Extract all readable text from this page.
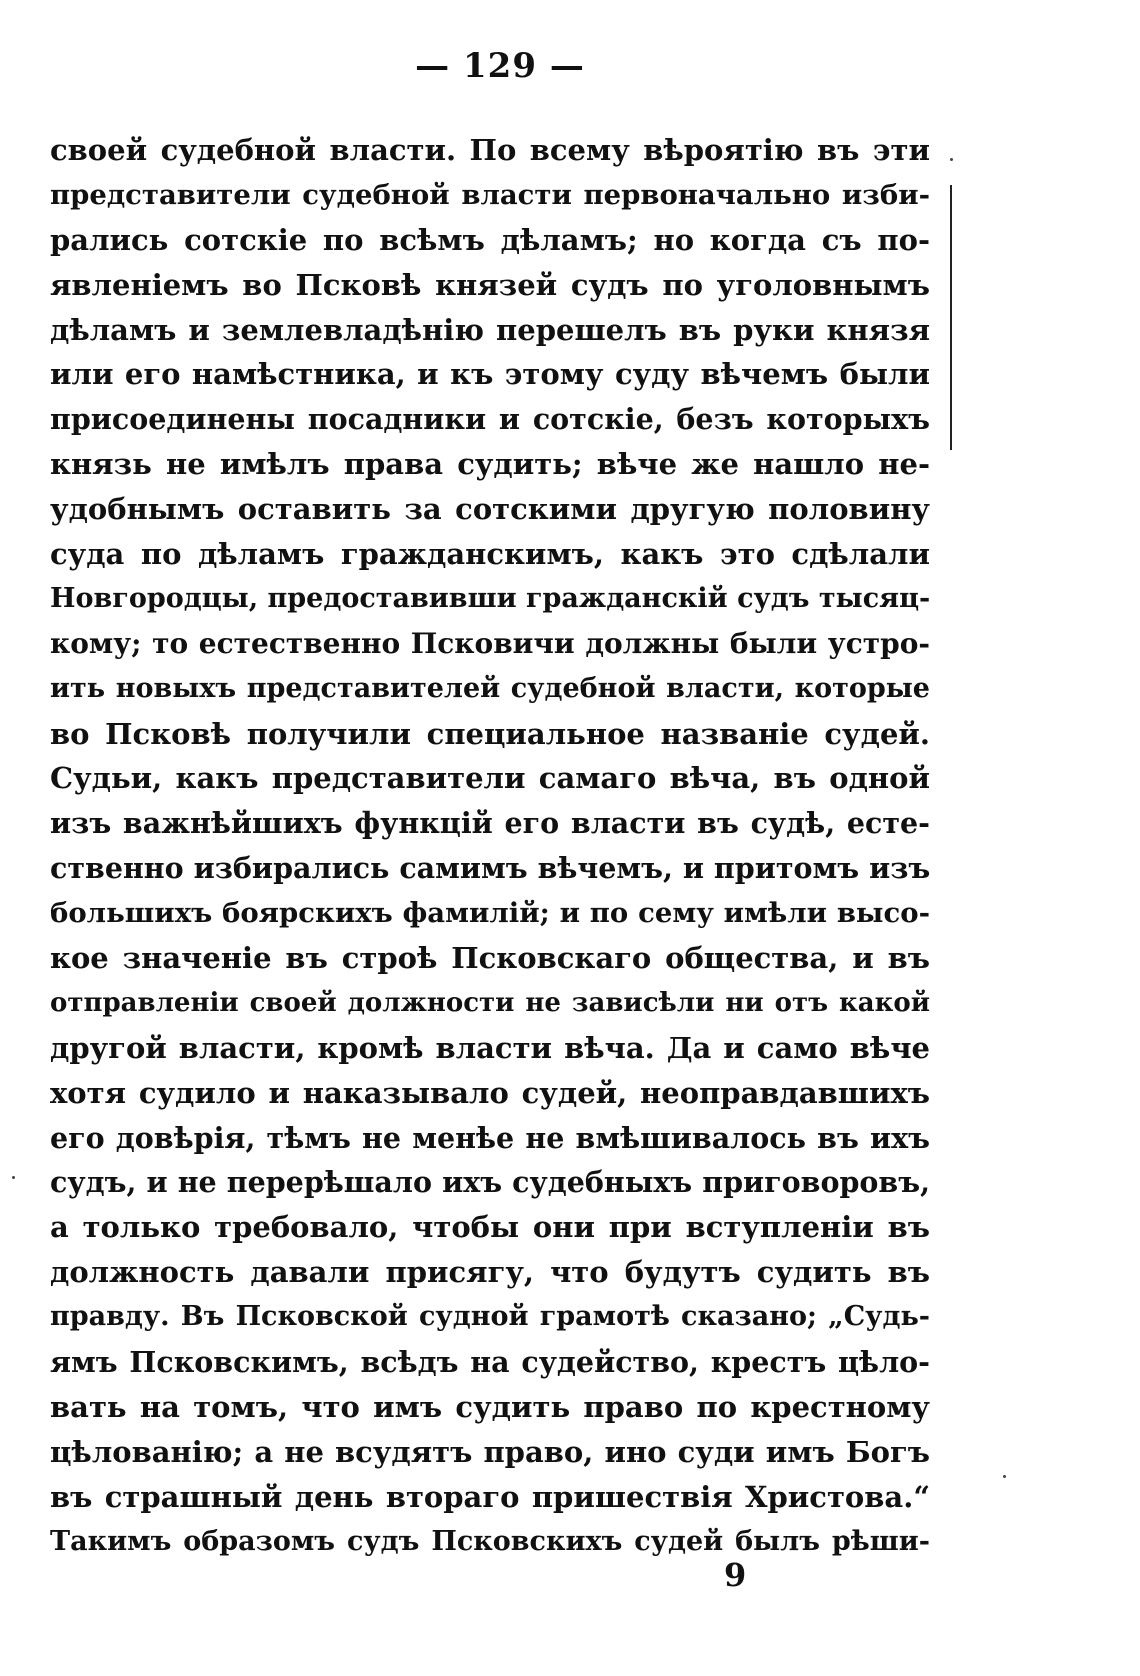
— 129 —
своей судебной власти. По всему вѣроятію въ эти
представители судебной власти первоначально изби-
рались сотскіе по всѣмъ дѣламъ; но когда съ по-
явленіемъ во Псковѣ князей судъ по уголовнымъ
дѣламъ и землевладѣнію перешелъ въ руки князя
или его намѣстника, и къ этому суду вѣчемъ были
присоединены посадники и сотскіе, безъ которыхъ
князь не имѣлъ права судить; вѣче же нашло не-
удобнымъ оставить за сотскими другую половину
суда по дѣламъ гражданскимъ, какъ это сдѣлали
Новгородцы, предоставивши гражданскій судъ тысяц-
кому; то естественно Псковичи должны были устро-
ить новыхъ представителей судебной власти, которые
во Псковѣ получили специальное названіе судей.
Судьи, какъ представители самаго вѣча, въ одной
изъ важнѣйшихъ функцій его власти въ судѣ, есте-
ственно избирались самимъ вѣчемъ, и притомъ изъ
большихъ боярскихъ фамилій; и по сему имѣли высо-
кое значеніе въ строѣ Псковскаго общества, и въ
отправленіи своей должности не зависѣли ни отъ какой
другой власти, кромѣ власти вѣча. Да и само вѣче
хотя судило и наказывало судей, неоправдавшихъ
его довѣрія, тѣмъ не менѣе не вмѣшивалось въ ихъ
судъ, и не перерѣшало ихъ судебныхъ приговоровъ,
а только требовало, чтобы они при вступленіи въ
должность давали присягу, что будутъ судить въ
правду. Въ Псковской судной грамотѣ сказано; „Судь-
ямъ Псковскимъ, всѣдъ на судейство, крестъ цѣло-
вать на томъ, что имъ судить право по крестному
цѣлованію; а не всудятъ право, ино суди имъ Богъ
въ страшный день втораго пришествія Христова.“
Такимъ образомъ судъ Псковскихъ судей былъ рѣши-
9
